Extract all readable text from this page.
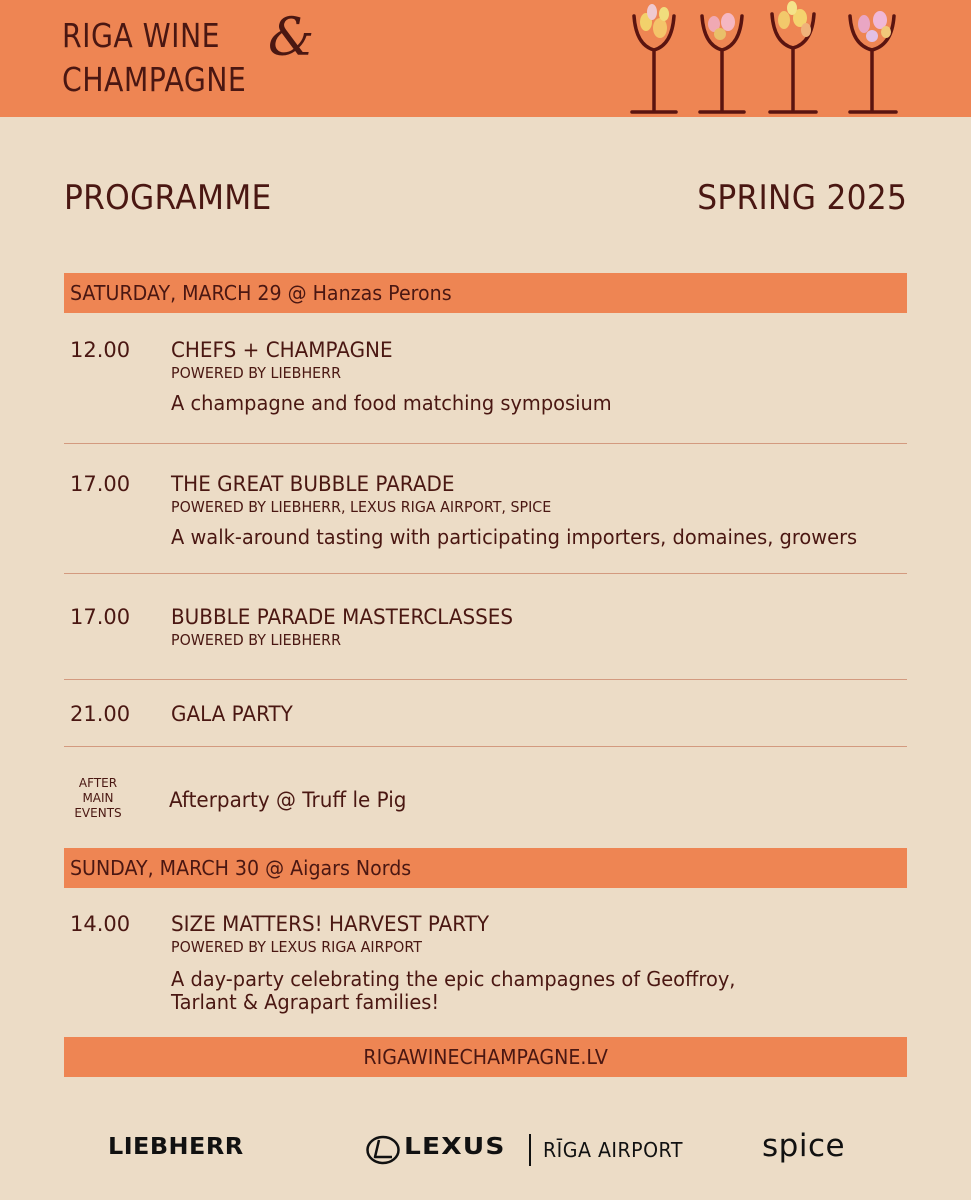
RIGA WINE &
CHAMPAGNE
PROGRAMME	SPRING 2025
SATURDAY, MARCH 29 @ Hanzas Perons
12.00 CHEFS + CHAMPAGNE
POWERED BY LIEBHERR
A champagne and food matching symposium
17.00 THE GREAT BUBBLE PARADE
POWERED BY LIEBHERR, LEXUS RIGA AIRPORT, SPICE
A walk-around tasting with participating importers, domaines, growers
17.00 BUBBLE PARADE MASTERCLASSES
POWERED BY LIEBHERR
21.00 GALA PARTY
AFTER
MAIN
EVENTS
Afterparty @ Truff le Pig
SUNDAY, MARCH 30 @ Aigars Nords
14.00 SIZE MATTERS! HARVEST PARTY
POWERED BY LEXUS RIGA AIRPORT
A day-party celebrating the epic champagnes of Geoffroy,
Tarlant & Agrapart families!
RIGAWINECHAMPAGNE.LV
LIEBHERR	LEXUS RĪGA AIRPORT	spice
